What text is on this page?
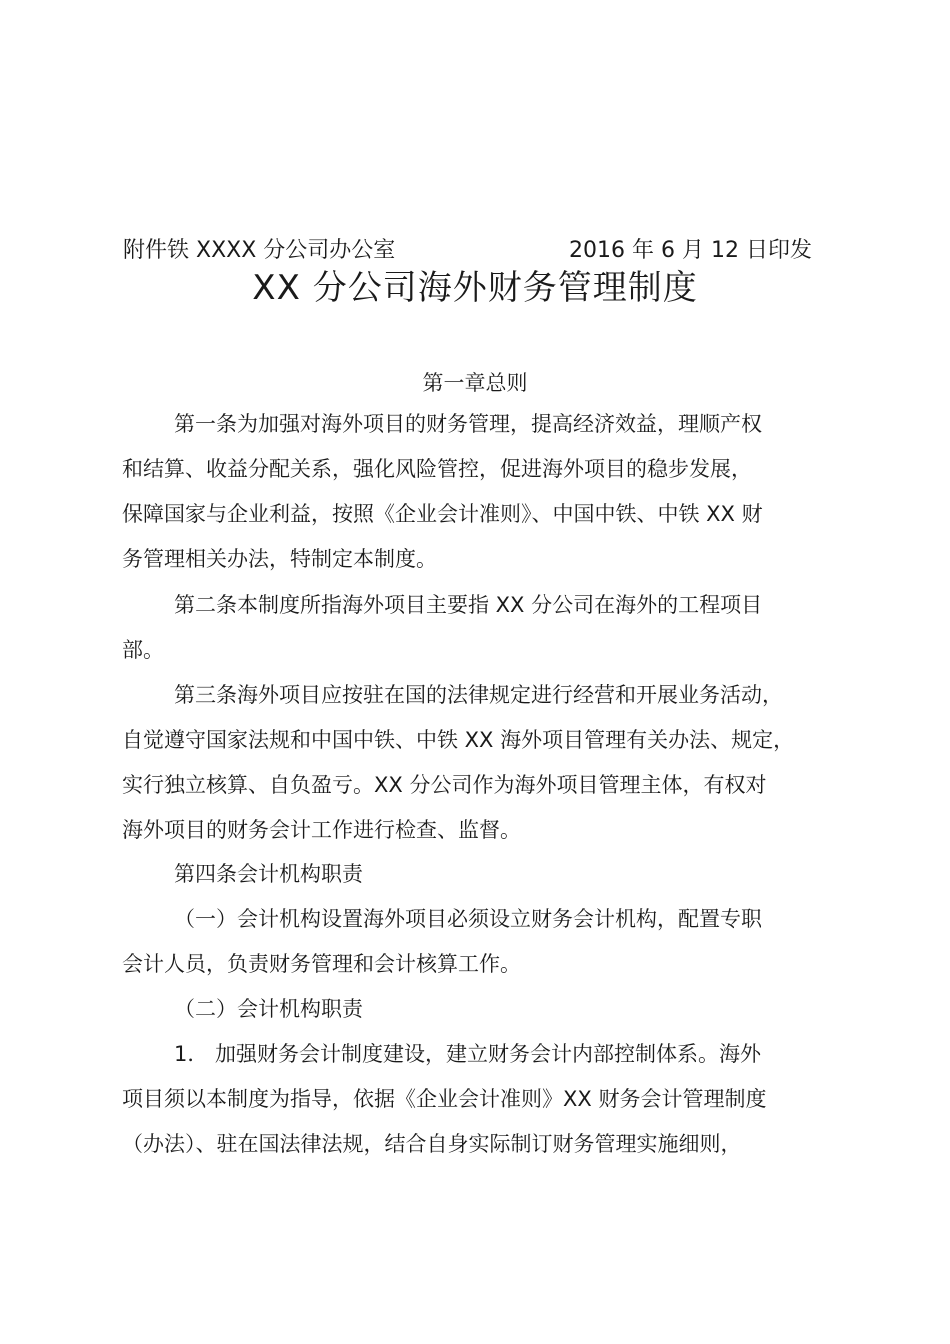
附件铁 XXXX 分公司办公室	2016 年 6 月 12 日印发
XX 分公司海外财务管理制度
第一章总则
第一条为加强对海外项目的财务管理，提高经济效益，理顺产权
和结算、收益分配关系，强化风险管控，促进海外项目的稳步发展，
保障国家与企业利益，按照《企业会计准则》、中国中铁、中铁 XX 财
务管理相关办法，特制定本制度。
第二条本制度所指海外项目主要指 XX 分公司在海外的工程项目
部。
第三条海外项目应按驻在国的法律规定进行经营和开展业务活动，
自觉遵守国家法规和中国中铁、中铁 XX 海外项目管理有关办法、规定，
实行独立核算、自负盈亏。XX 分公司作为海外项目管理主体，有权对
海外项目的财务会计工作进行检查、监督。
第四条会计机构职责
（一）会计机构设置海外项目必须设立财务会计机构，配置专职
会计人员，负责财务管理和会计核算工作。
（二）会计机构职责
1． 加强财务会计制度建设，建立财务会计内部控制体系。海外
项目须以本制度为指导，依据《企业会计准则》XX 财务会计管理制度
（办法）、驻在国法律法规，结合自身实际制订财务管理实施细则，
